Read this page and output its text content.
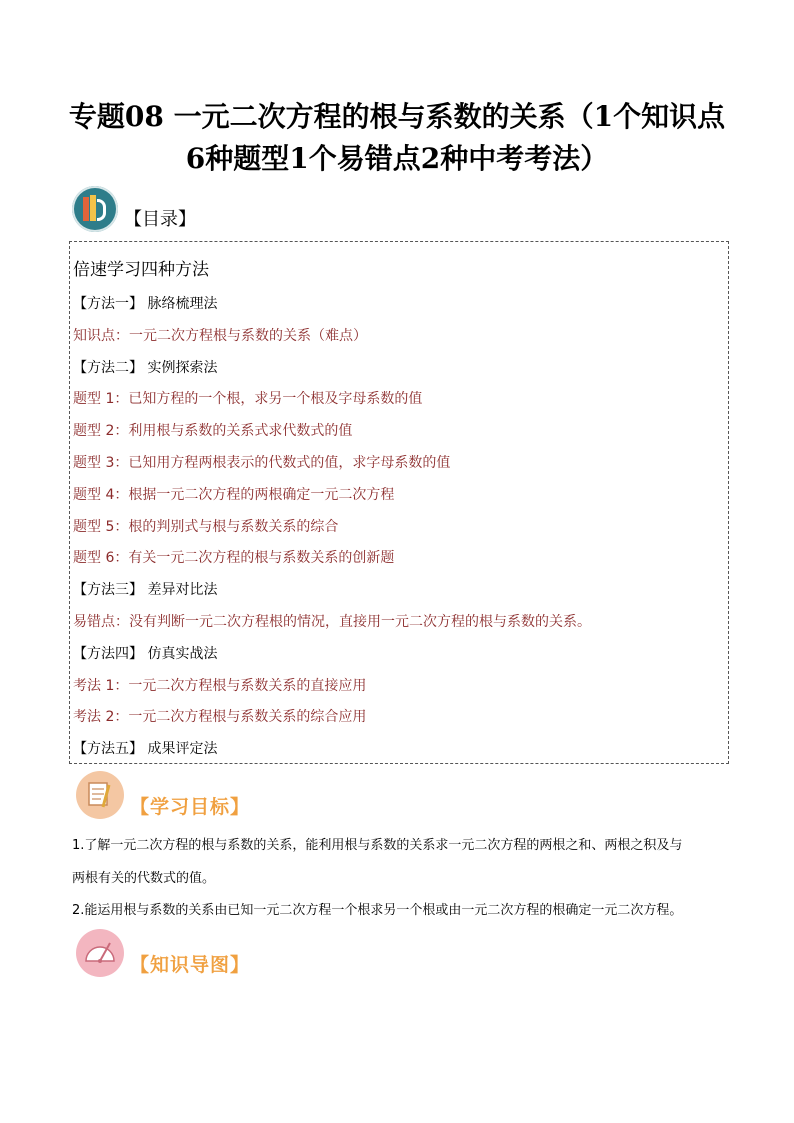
专题08 一元二次方程的根与系数的关系（1个知识点6种题型1个易错点2种中考考法）
【目录】
倍速学习四种方法
【方法一】 脉络梳理法
知识点：一元二次方程根与系数的关系（难点）
【方法二】 实例探索法
题型 1：已知方程的一个根，求另一个根及字母系数的值
题型 2：利用根与系数的关系式求代数式的值
题型 3：已知用方程两根表示的代数式的值，求字母系数的值
题型 4：根据一元二次方程的两根确定一元二次方程
题型 5：根的判别式与根与系数关系的综合
题型 6：有关一元二次方程的根与系数关系的创新题
【方法三】 差异对比法
易错点：没有判断一元二次方程根的情况，直接用一元二次方程的根与系数的关系。
【方法四】 仿真实战法
考法 1：一元二次方程根与系数关系的直接应用
考法 2：一元二次方程根与系数关系的综合应用
【方法五】 成果评定法
【学习目标】

1.了解一元二次方程的根与系数的关系，能利用根与系数的关系求一元二次方程的两根之和、两根之积及与

两根有关的代数式的值。

2.能运用根与系数的关系由已知一元二次方程一个根求另一个根或由一元二次方程的根确定一元二次方程。

【知识导图】
